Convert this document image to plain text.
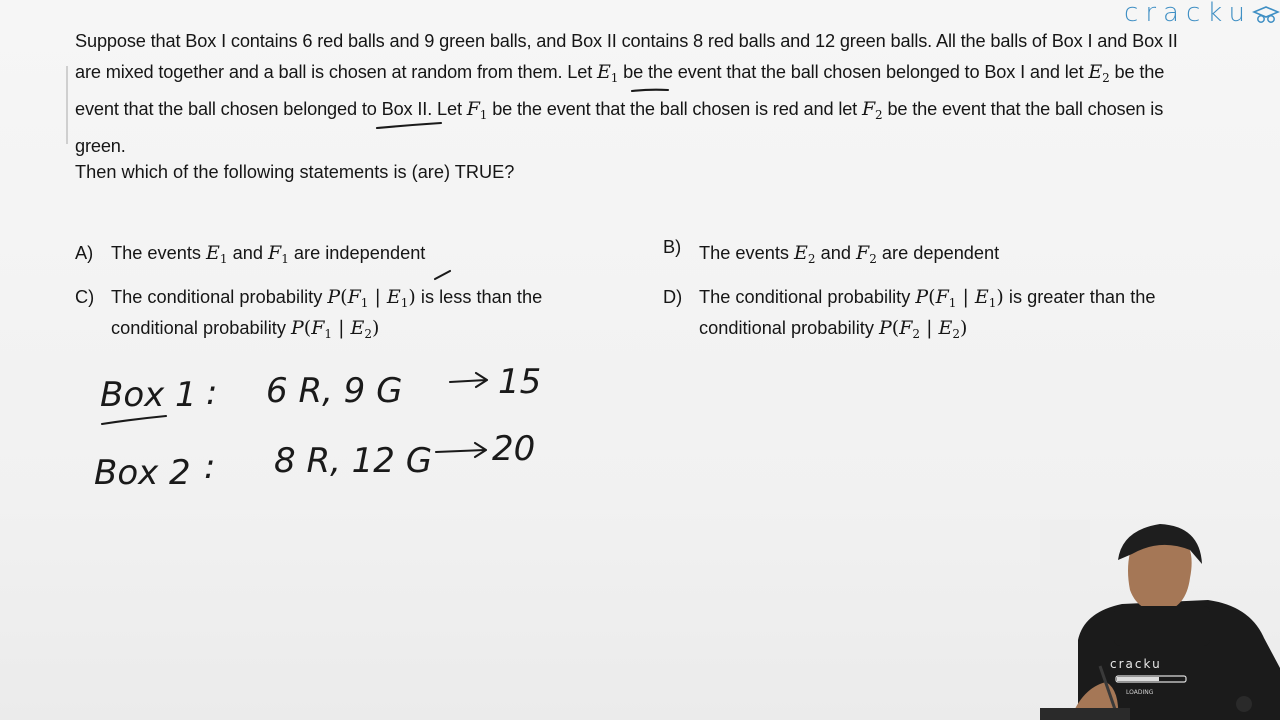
cracku

Suppose that Box I contains 6 red balls and 9 green balls, and Box II contains 8 red balls and 12 green balls. All the balls of Box I and Box II

are mixed together and a ball is chosen at random from them. Let $E_1$ be the event that the ball chosen belonged to Box I and let $E_2$ be the

event that the ball chosen belonged to Box II. Let $F_1$ be the event that the ball chosen is red and let $F_2$ be the event that the ball chosen is

green.

Then which of the following statements is (are) TRUE?
A) The events $E_1$ and $F_1$ are independent	B) The events $E_2$ and $F_2$ are dependent
C) The conditional probability $P(F_1$ | $E_1$) is less than the
conditional probability $P(F_1$ | $E_2$)
D) The conditional probability $P(F_1$ | $E_1$) is greater than the
conditional probability $P(F_2$ | $E_2$)
Box 1 : 6 R, 9 G	15
Box 2 : 8 R, 12 G 20
cracku
LOADING
